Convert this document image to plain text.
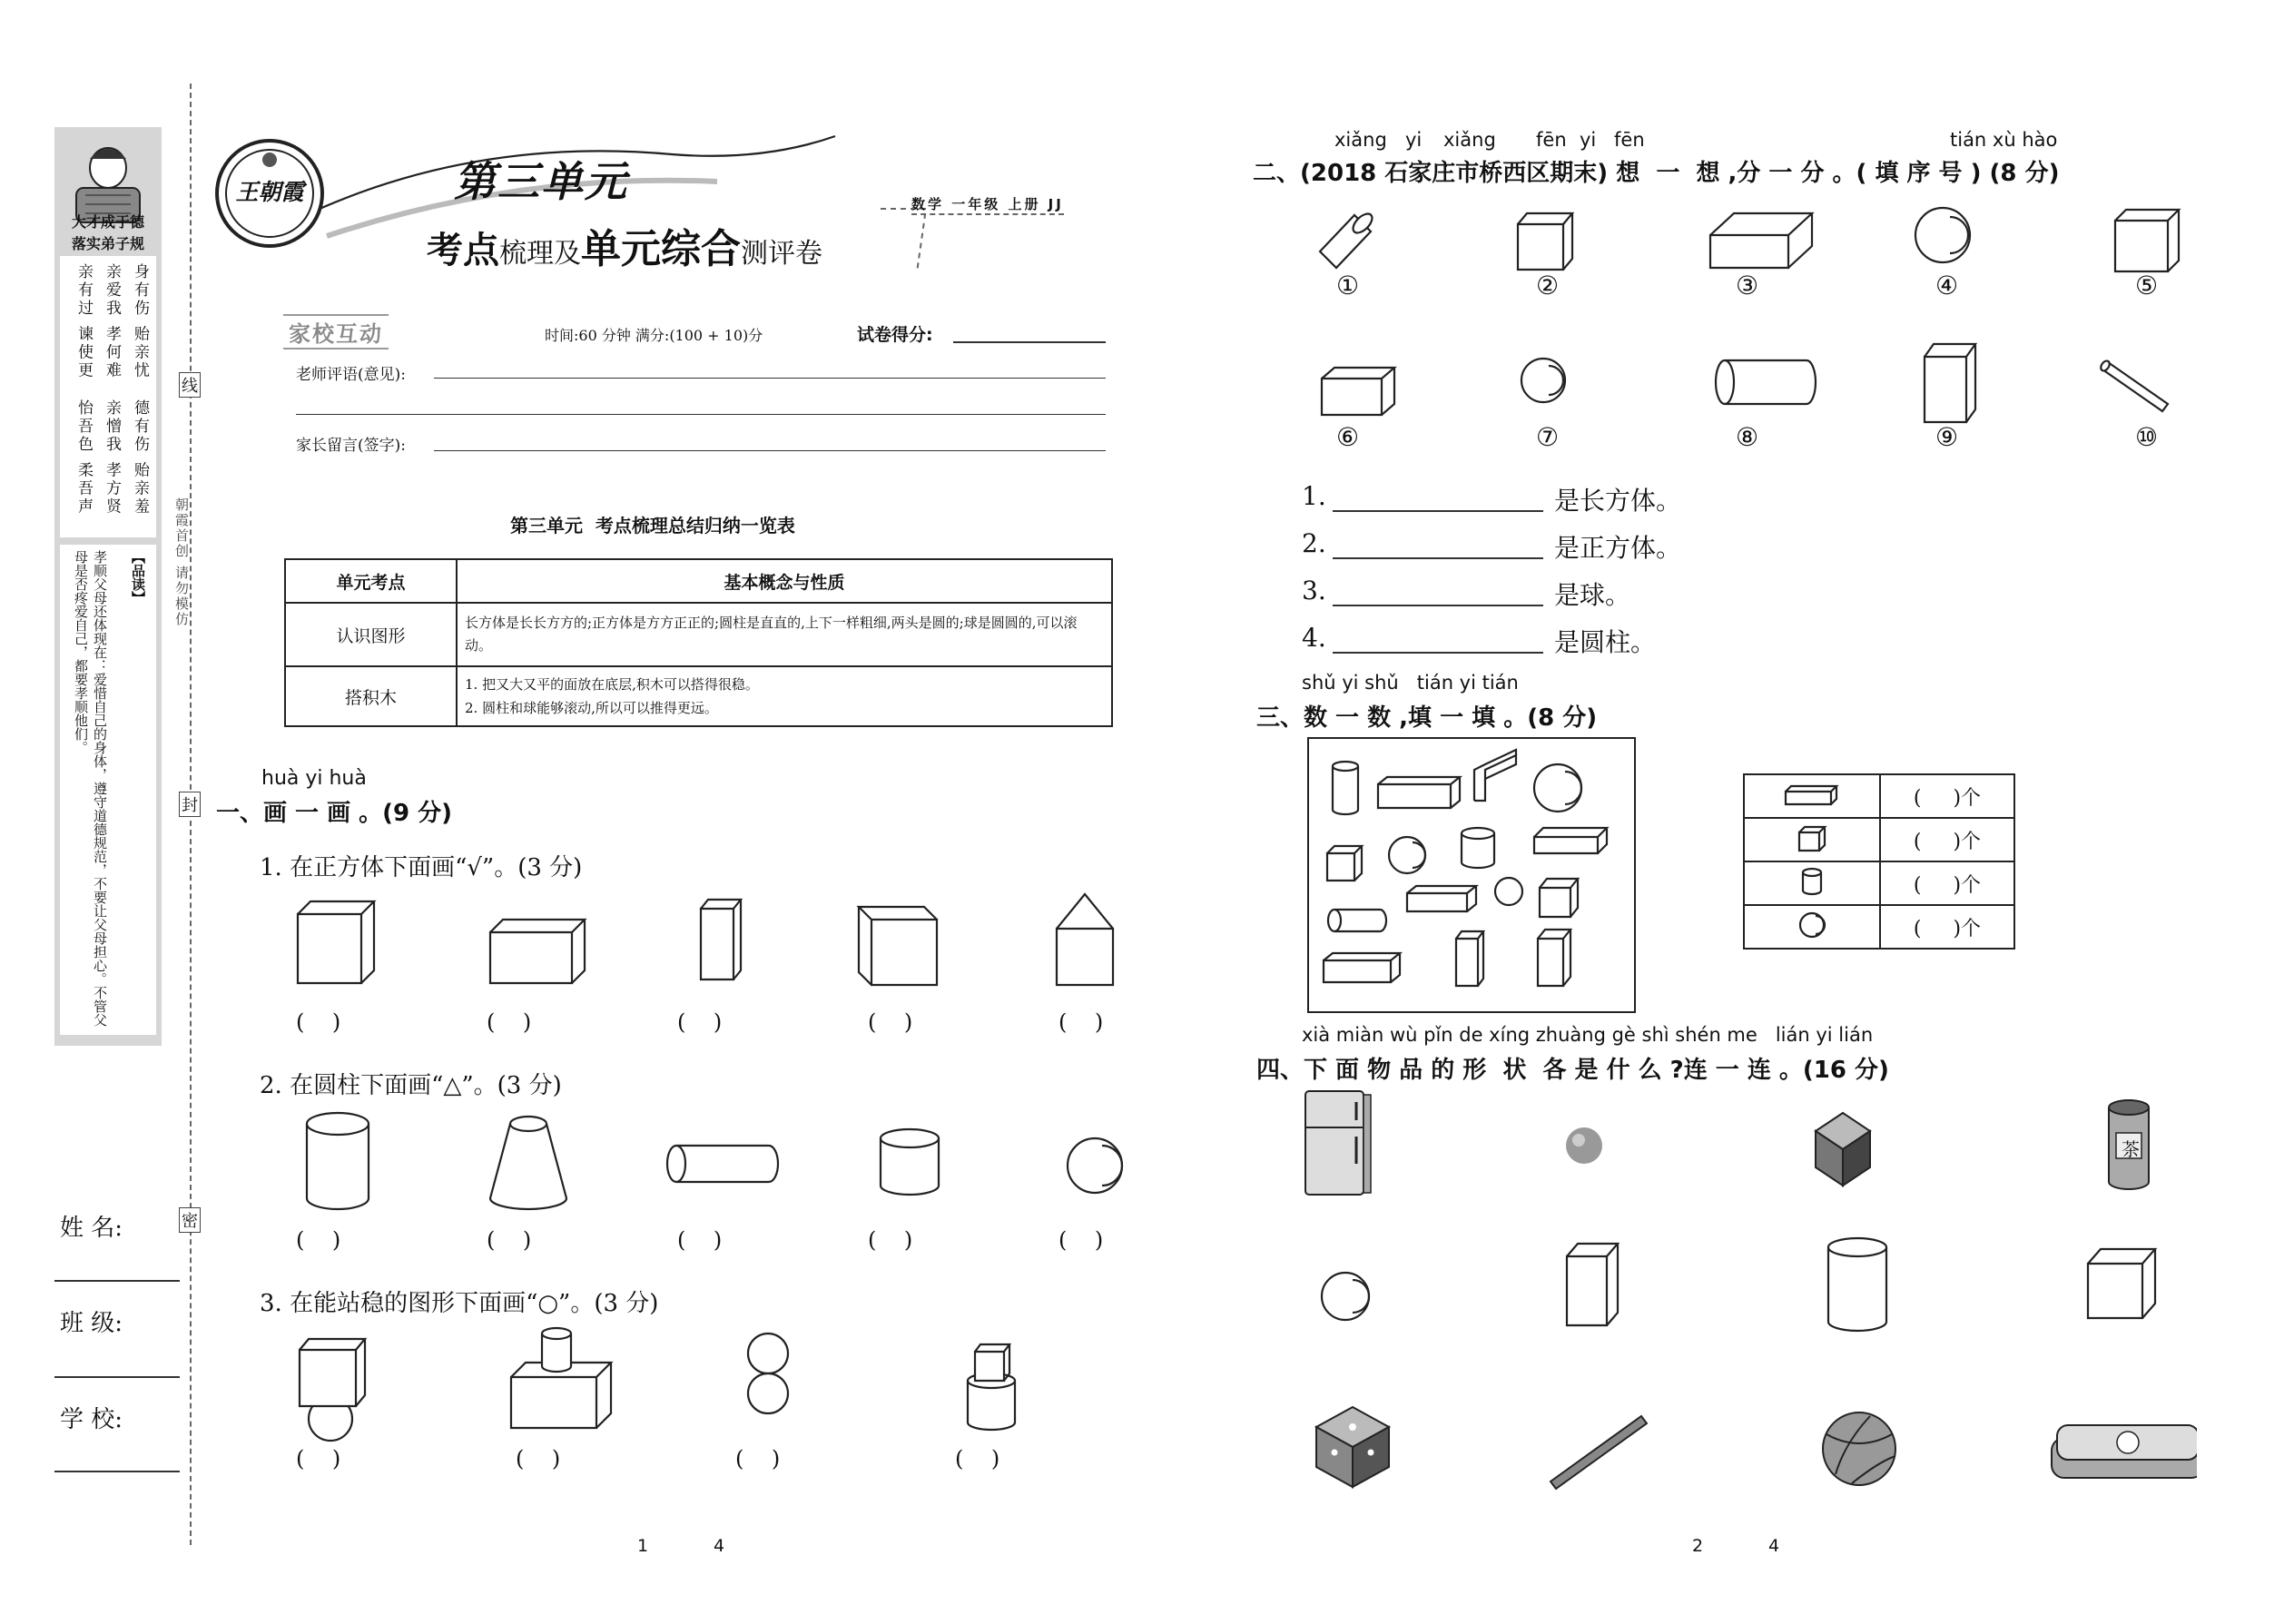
大才成于德
落实弟子规
身有伤 贻亲忧
亲有过 谏使更
德有伤 贻亲羞
亲爱我 孝何难
亲憎我 孝方贤
怡吾色 柔吾声
【品读】
孝顺父母还体现在：爱惜自己的身体，遵守道德规范，不要让父母担心。不管父母是否疼爱自己，都要孝顺他们。
姓 名:
班 级:
学 校:
线
封
密
朝霞首创 请勿模仿
王朝霞	第三单元
考点梳理及单元综合测评卷
数学 一年级 上册 JJ
家校互动	时间:60 分钟 满分:(100 + 10)分	试卷得分:
老师评语(意见):
家长留言(签字):
第三单元  考点梳理总结归纳一览表
单元考点	基本概念与性质
认识图形	长方体是长长方方的;正方体是方方正正的;圆柱是直直的,上下一样粗细,两头是圆的;球是圆圆的,可以滚动。
搭积木	1. 把又大又平的面放在底层,积木可以搭得很稳。
2. 圆柱和球能够滚动,所以可以推得更远。
huà yi huà
一、画 一 画 。(9 分)
1. 在正方体下面画“√”。(3 分)
(    )	(    )	(    )	(    )	(    )
2. 在圆柱下面画“△”。(3 分)
(    )	(    )	(    )	(    )	(    )
3. 在能站稳的图形下面画“○”。(3 分)
(    )	(    )	(    )	(    )
1	4
xiǎng yi xiǎng fēn yi fēn	tián xù hào
二、(2018 石家庄市桥西区期末) 想  一  想 ,分 一 分 。( 填 序 号 ) (8 分)
①	②	③	④	⑤
⑥	⑦	⑧	⑨	⑩
1.	是长方体。
2.	是正方体。
3.	是球。
4.	是圆柱。
shǔ yi shǔ   tián yi tián
三、数 一 数 ,填 一 填 。(8 分)
	(     )个
	(     )个
	(     )个
	(     )个
xià miàn wù pǐn de xíng zhuàng gè shì shén me   lián yi lián
四、下 面 物 品 的 形  状  各 是 什 么 ?连 一 连 。(16 分)
茶
2	4
